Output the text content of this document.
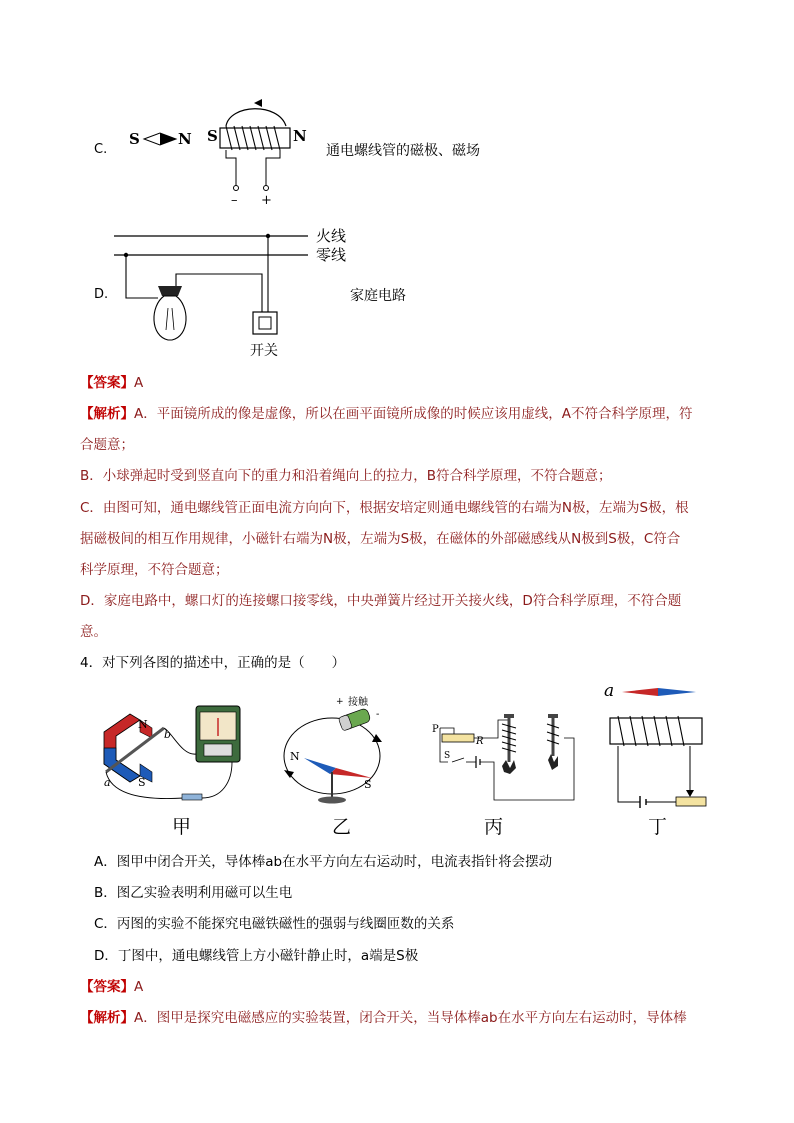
C.
S	N S	N
– +
通电螺线管的磁极、磁场
D.
火线
零线
开关
家庭电路
【答案】A
【解析】A．平面镜所成的像是虚像，所以在画平面镜所成像的时候应该用虚线，A不符合科学原理，符
合题意；
B．小球弹起时受到竖直向下的重力和沿着绳向上的拉力，B符合科学原理，不符合题意；
C．由图可知，通电螺线管正面电流方向向下，根据安培定则通电螺线管的右端为N极，左端为S极，根
据磁极间的相互作用规律，小磁针右端为N极，左端为S极，在磁体的外部磁感线从N极到S极，C符合
科学原理，不符合题意；
D．家庭电路中，螺口灯的连接螺口接零线，中央弹簧片经过开关接火线，D符合科学原理，不符合题
意。
4．对下列各图的描述中，正确的是（　　）
N
S
a
b
甲
+ 接触
-
N
S
乙
P
R
S
丙
a
丁
A．图甲中闭合开关，导体棒ab在水平方向左右运动时，电流表指针将会摆动
B．图乙实验表明利用磁可以生电
C．丙图的实验不能探究电磁铁磁性的强弱与线圈匝数的关系
D．丁图中，通电螺线管上方小磁针静止时，a端是S极
【答案】A
【解析】A．图甲是探究电磁感应的实验装置，闭合开关，当导体棒ab在水平方向左右运动时，导体棒
